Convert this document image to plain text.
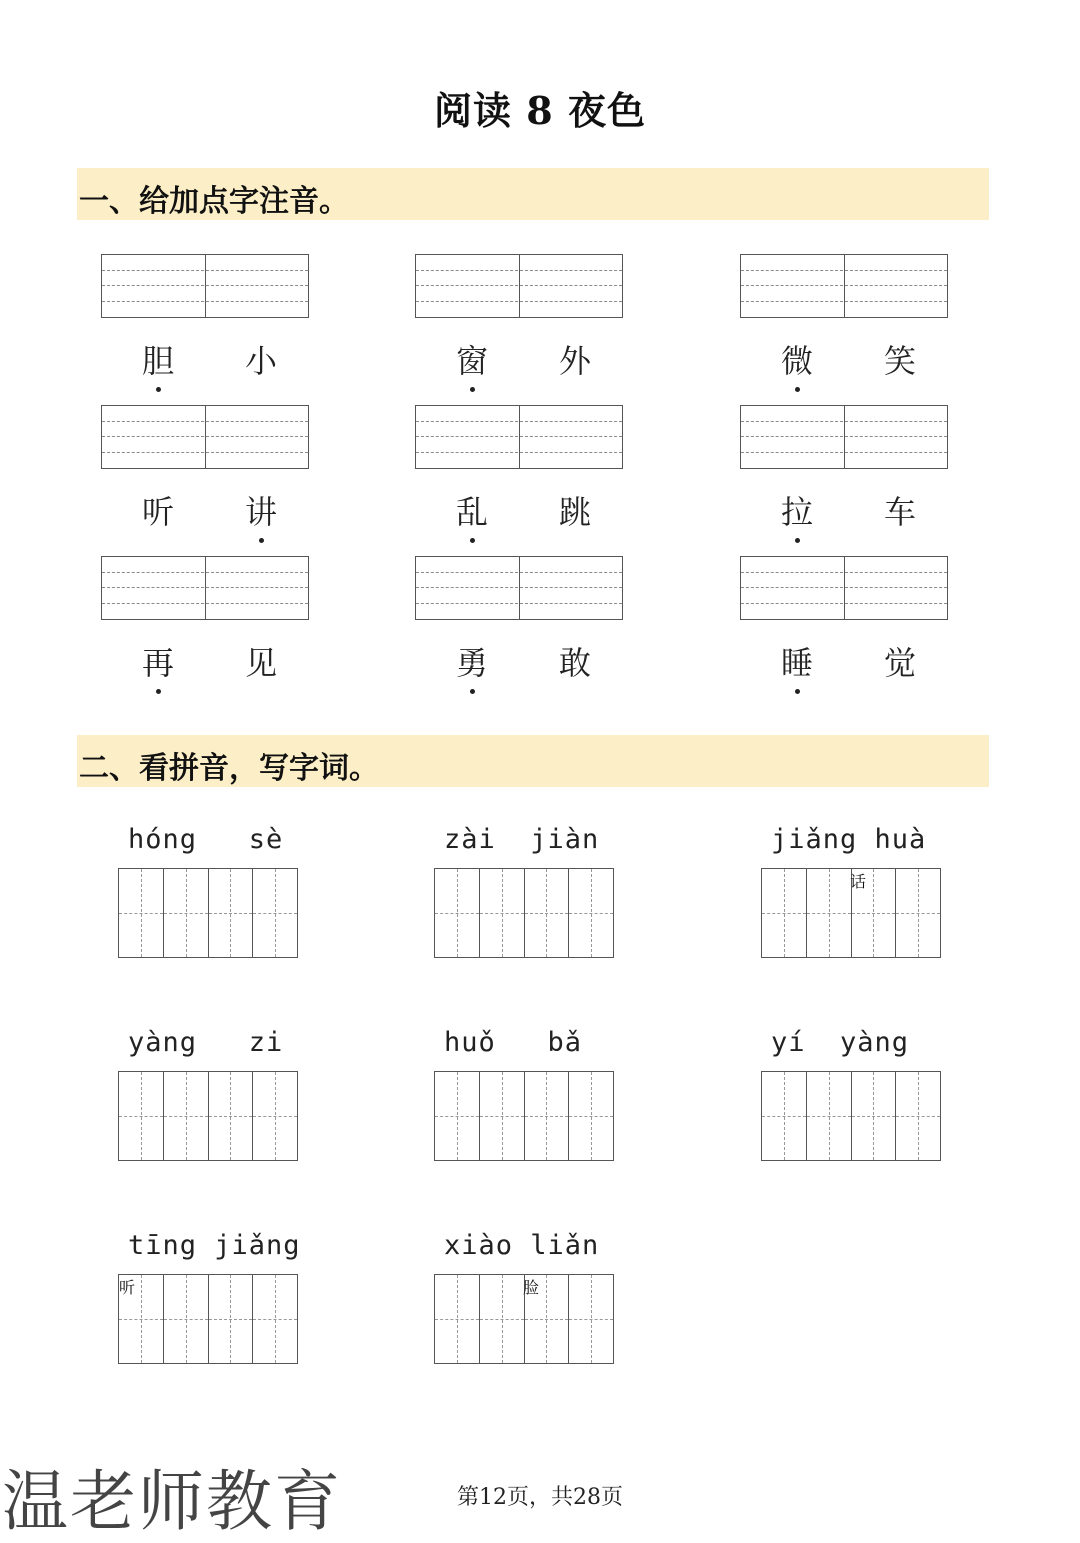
阅读 8 夜色
一、给加点字注音。
胆 小	窗 外	微 笑
听 讲	乱 跳	拉 车
再 见	勇 敢	睡 觉
二、看拼音，写字词。
hóng   sè	zài  jiàn	jiǎng huà
话
yàng   zi	huǒ   bǎ	yí  yàng
tīng jiǎng
听
xiào liǎn
脸
第12页，共28页
温老师教育
